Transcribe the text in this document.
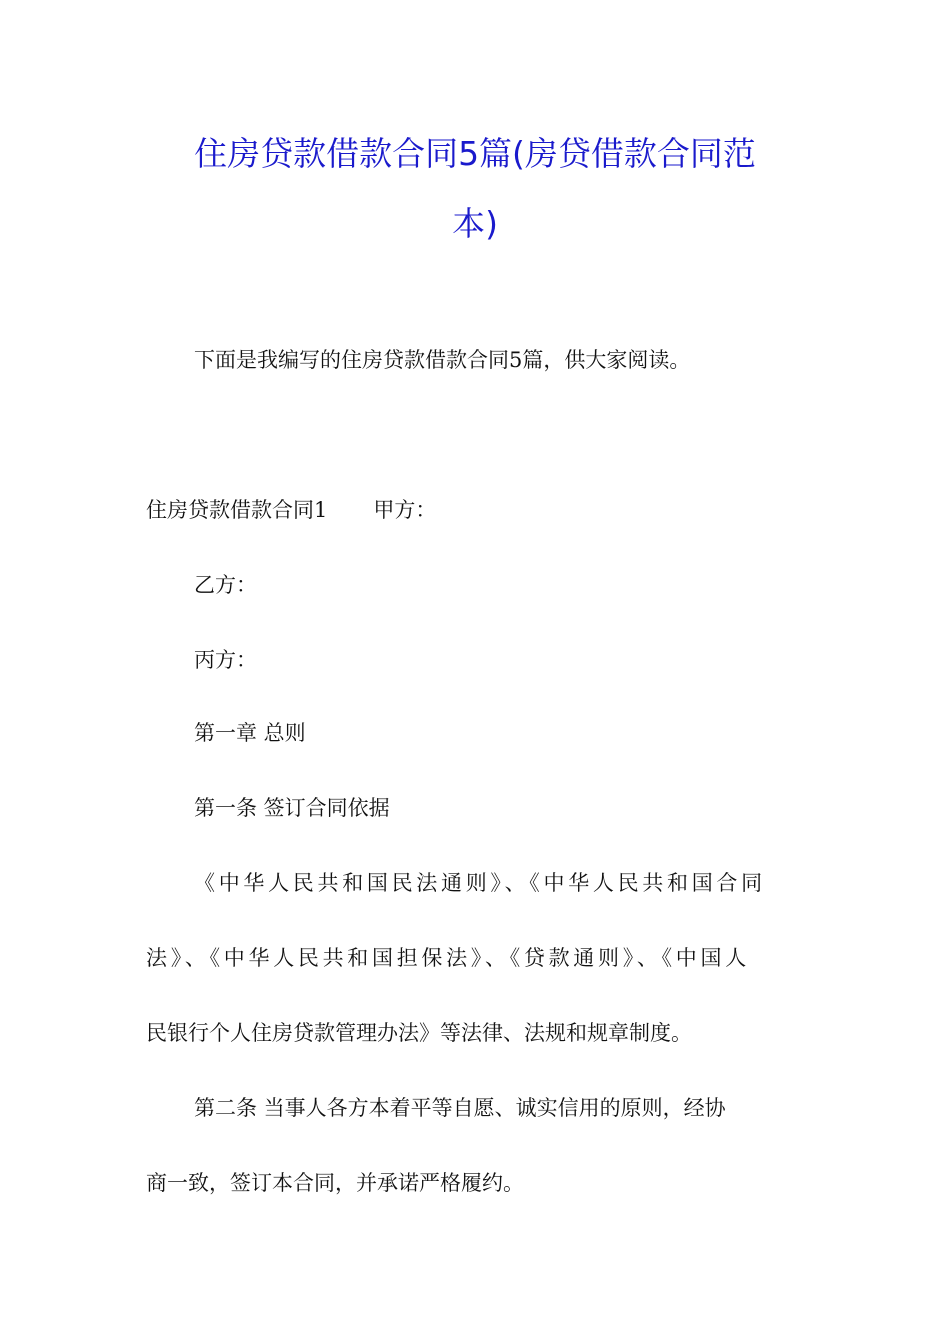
住房贷款借款合同5篇(房贷借款合同范
本)
下面是我编写的住房贷款借款合同5篇，供大家阅读。
住房贷款借款合同1 甲方：
乙方：
丙方：
第一章 总则
第一条 签订合同依据
《中华人民共和国民法通则》、《中华人民共和国合同
法》、《中华人民共和国担保法》、《贷款通则》、《中国人
民银行个人住房贷款管理办法》等法律、法规和规章制度。
第二条 当事人各方本着平等自愿、诚实信用的原则，经协
商一致，签订本合同，并承诺严格履约。
